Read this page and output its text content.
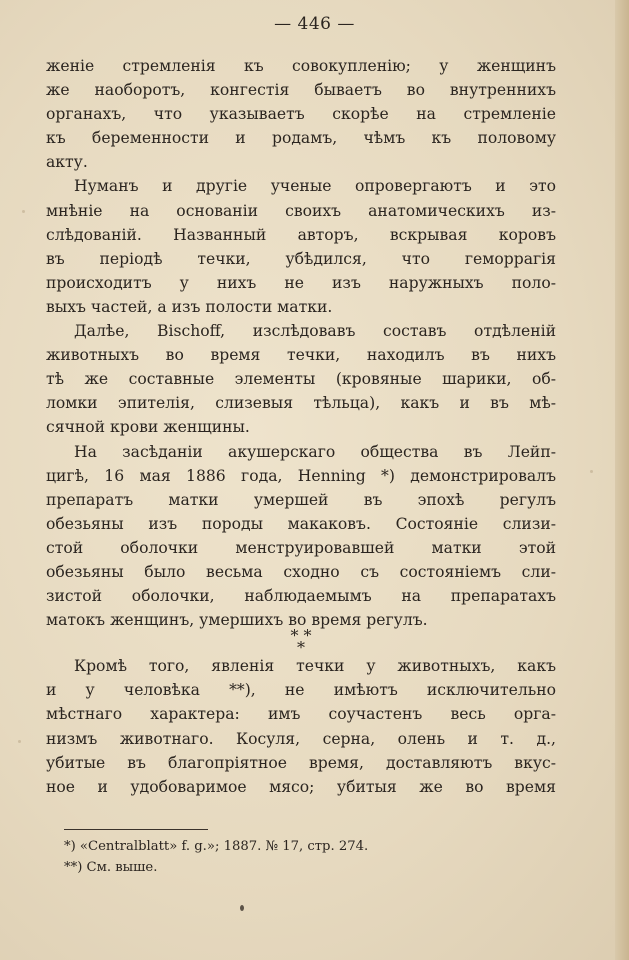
— 446 —
женіе стремленія къ совокупленію; у женщинъ
же наоборотъ, конгестія бываетъ во внутреннихъ
органахъ, что указываетъ скорѣе на стремленіе
къ беременности и родамъ, чѣмъ къ половому
акту.
Нуманъ и другіе ученые опровергаютъ и это
мнѣніе на основаніи своихъ анатомическихъ из-
слѣдованій. Названный авторъ, вскрывая коровъ
въ періодѣ течки, убѣдился, что геморрагія
происходитъ у нихъ не изъ наружныхъ поло-
выхъ частей, а изъ полости матки.
Далѣе, Bischoff, изслѣдовавъ составъ отдѣленій
животныхъ во время течки, находилъ въ нихъ
тѣ же составные элементы (кровяные шарики, об-
ломки эпителія, слизевыя тѣльца), какъ и въ мѣ-
сячной крови женщины.
На засѣданіи акушерскаго общества въ Лейп-
цигѣ, 16 мая 1886 года, Henning *) демонстрировалъ
препаратъ матки умершей въ эпохѣ регулъ
обезьяны изъ породы макаковъ. Состояніе слизи-
стой оболочки менструировавшей матки этой
обезьяны было весьма сходно съ состояніемъ сли-
зистой оболочки, наблюдаемымъ на препаратахъ
матокъ женщинъ, умершихъ во время регулъ.
* *
*
Кромѣ того, явленія течки у животныхъ, какъ
и у человѣка **), не имѣютъ исключительно
мѣстнаго характера: имъ соучастенъ весь орга-
низмъ животнаго. Косуля, серна, олень и т. д.,
убитые въ благопріятное время, доставляютъ вкус-
ное и удобоваримое мясо; убитыя же во время
*) «Centralblatt» f. g.»; 1887. № 17, стр. 274.
**) См. выше.
